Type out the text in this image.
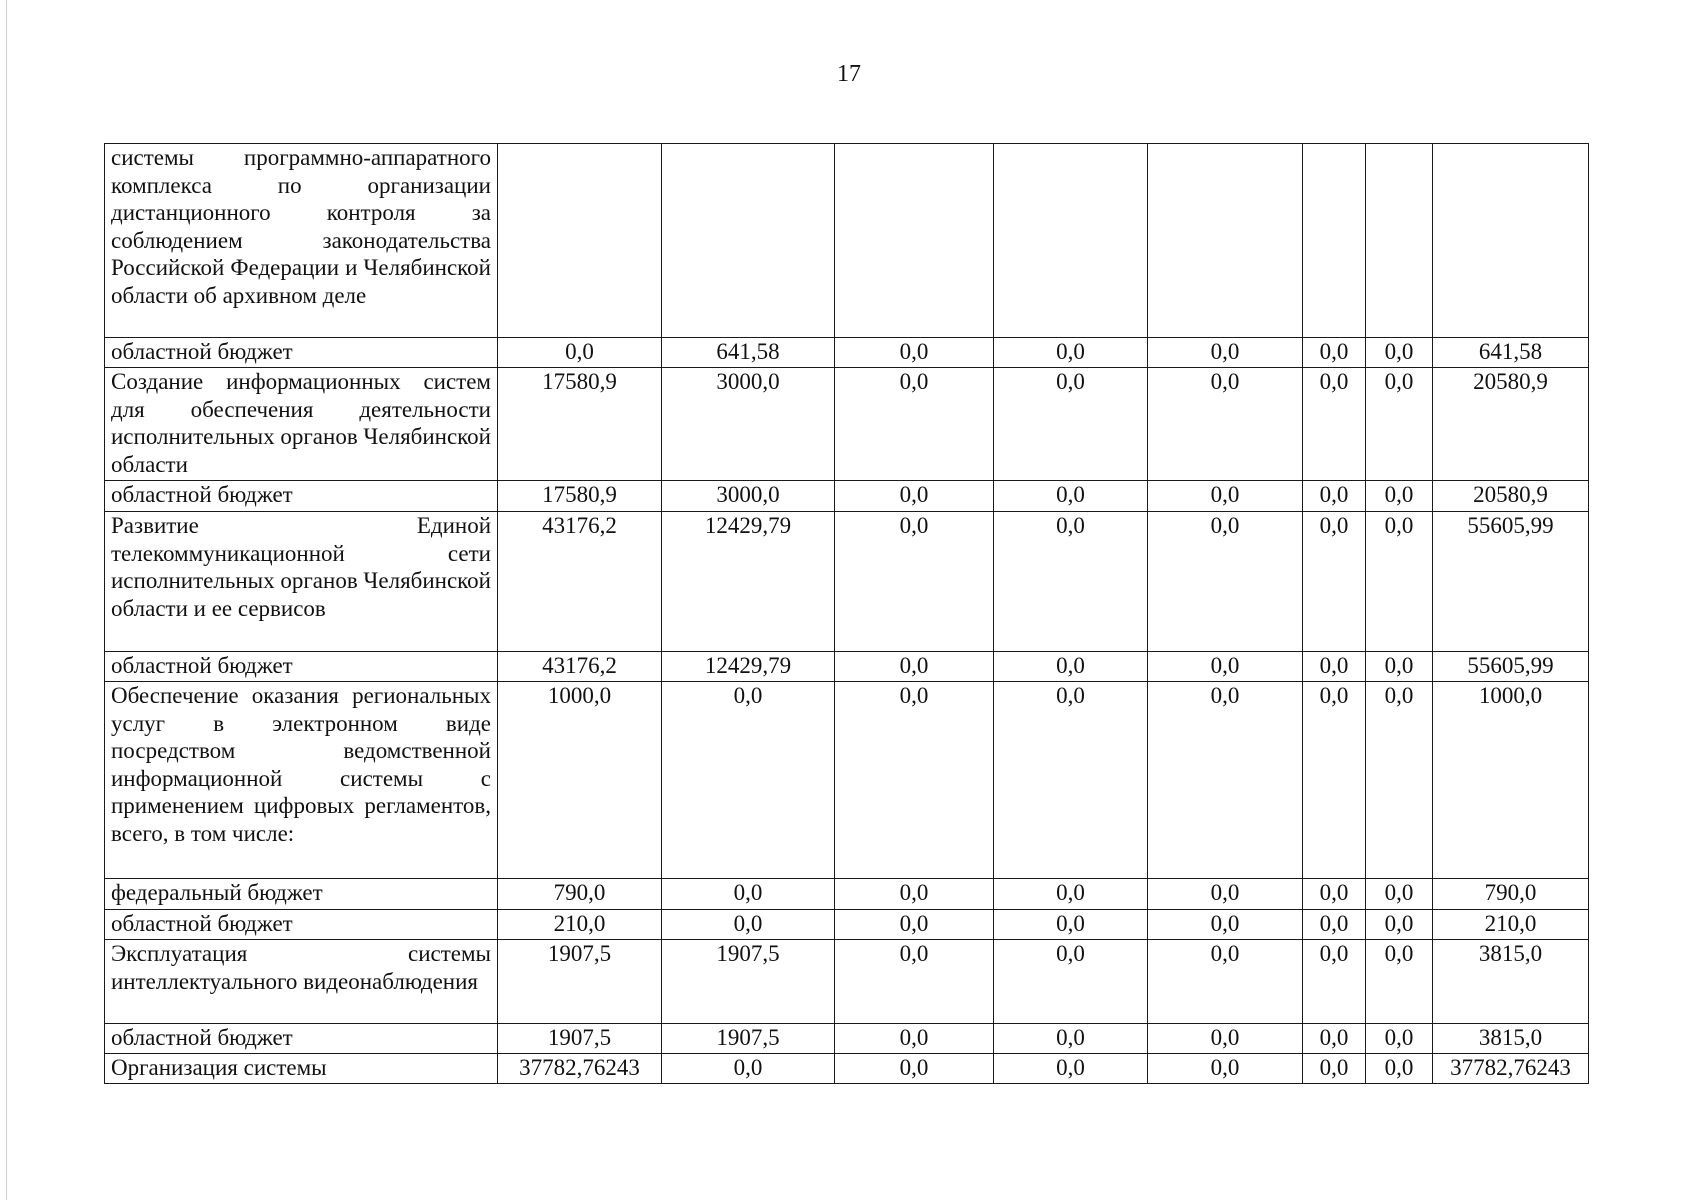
17
системы программно-аппаратного комплекса по организации дистанционного контроля за соблюдением законодательства Российской Федерации и Челябинской области об архивном деле								
областной бюджет	0,0	641,58	0,0	0,0	0,0	0,0	0,0	641,58
Создание информационных систем для обеспечения деятельности исполнительных органов Челябинской области	17580,9	3000,0	0,0	0,0	0,0	0,0	0,0	20580,9
областной бюджет	17580,9	3000,0	0,0	0,0	0,0	0,0	0,0	20580,9
Развитие Единой телекоммуникационной сети исполнительных органов Челябинской области и ее сервисов	43176,2	12429,79	0,0	0,0	0,0	0,0	0,0	55605,99
областной бюджет	43176,2	12429,79	0,0	0,0	0,0	0,0	0,0	55605,99
Обеспечение оказания региональных услуг в электронном виде посредством ведомственной информационной системы с применением цифровых регламентов, всего, в том числе:	1000,0	0,0	0,0	0,0	0,0	0,0	0,0	1000,0
федеральный бюджет	790,0	0,0	0,0	0,0	0,0	0,0	0,0	790,0
областной бюджет	210,0	0,0	0,0	0,0	0,0	0,0	0,0	210,0
Эксплуатация системы интеллектуального видеонаблюдения	1907,5	1907,5	0,0	0,0	0,0	0,0	0,0	3815,0
областной бюджет	1907,5	1907,5	0,0	0,0	0,0	0,0	0,0	3815,0
Организация системы	37782,76243	0,0	0,0	0,0	0,0	0,0	0,0	37782,76243
